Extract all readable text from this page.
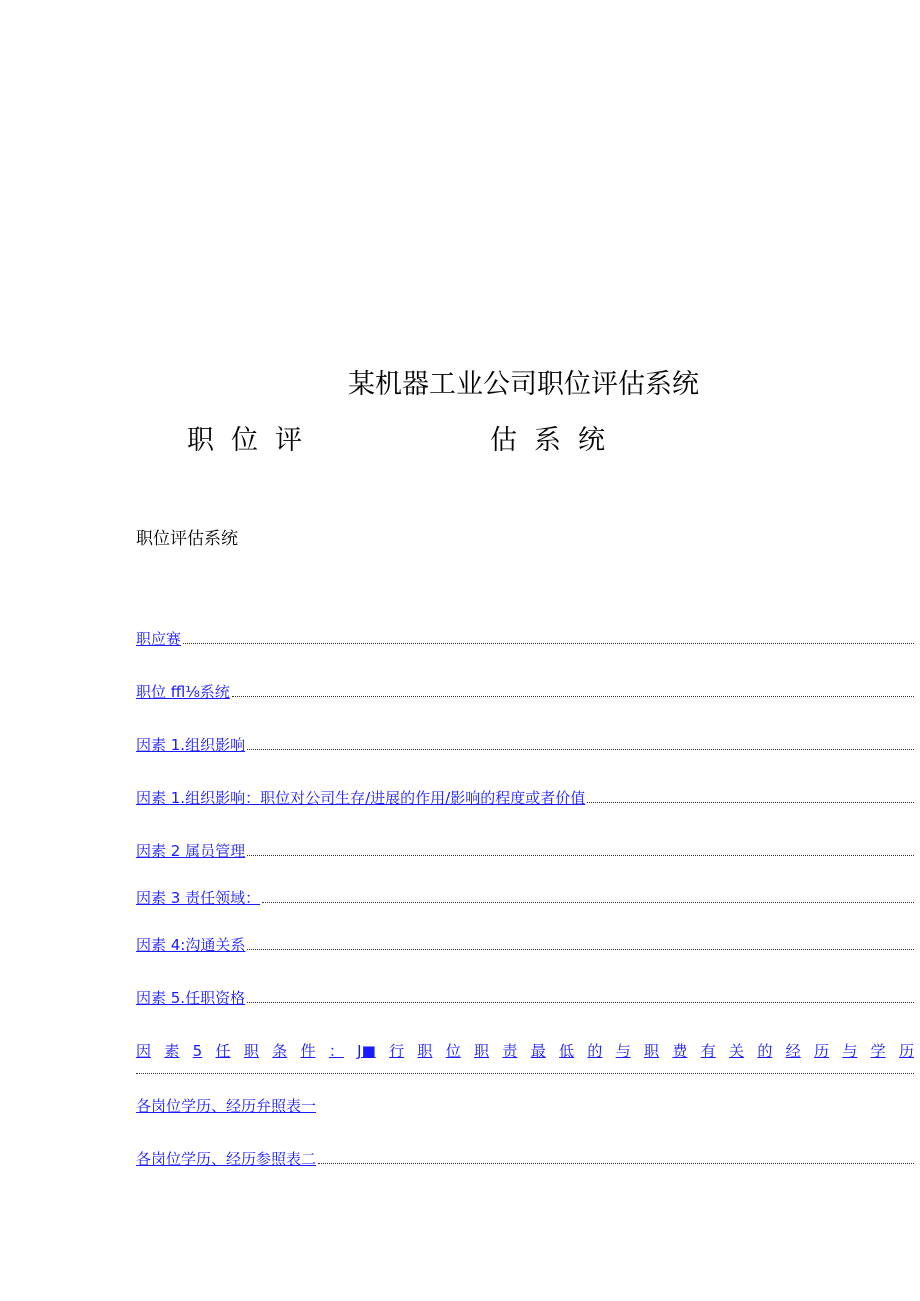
某机器工业公司职位评估系统
职位评	估系统
职位评估系统
职应赛
职位 ffl⅛系统
因素 1.组织影响
因素 1.组织影响：职位对公司生存/进展的作用/影响的程度或者价值
因素 2 属员管理
因素 3 责任领域：
因素 4:沟通关系
因素 5.任职资格
因 素 5 任 职 条 件 ： J■ 行 职 位 职 责 最 低 的 与 职 费 有 关 的 经 历 与 学 历
各岗位学历、经历弁照表一
各岗位学历、经历参照表二
